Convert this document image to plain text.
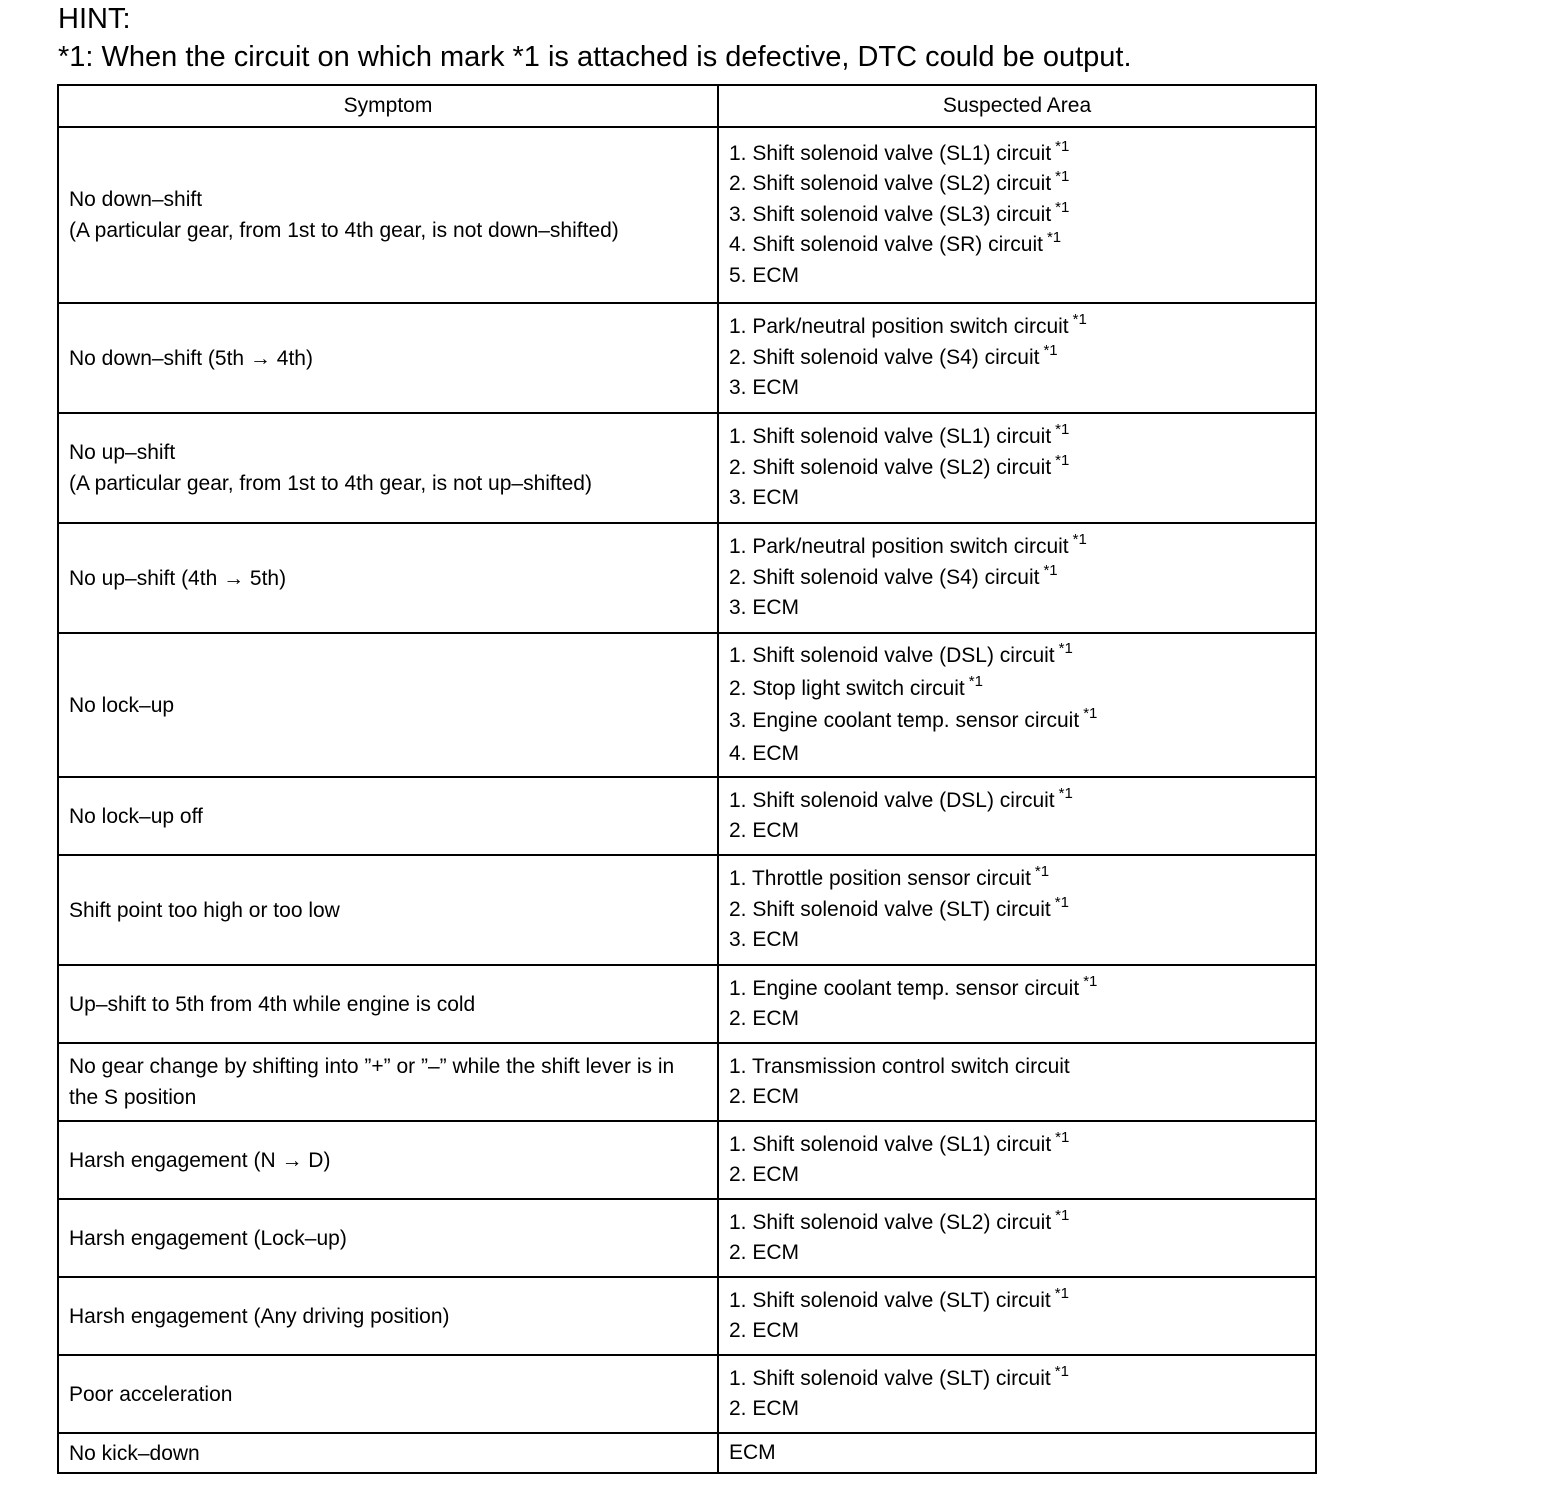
HINT:
*1: When the circuit on which mark *1 is attached is defective, DTC could be output.
Symptom	Suspected Area

No down–shift
(A particular gear, from 1st to 4th gear, is not down–shifted)	1. Shift solenoid valve (SL1) circuit $^{*1}$
2. Shift solenoid valve (SL2) circuit $^{*1}$
3. Shift solenoid valve (SL3) circuit $^{*1}$
4. Shift solenoid valve (SR) circuit $^{*1}$
5. ECM

No down–shift (5th → 4th)	1. Park/neutral position switch circuit $^{*1}$
2. Shift solenoid valve (S4) circuit $^{*1}$
3. ECM

No up–shift
(A particular gear, from 1st to 4th gear, is not up–shifted)	1. Shift solenoid valve (SL1) circuit $^{*1}$
2. Shift solenoid valve (SL2) circuit $^{*1}$
3. ECM

No up–shift (4th → 5th)	1. Park/neutral position switch circuit $^{*1}$
2. Shift solenoid valve (S4) circuit $^{*1}$
3. ECM

No lock–up	1. Shift solenoid valve (DSL) circuit $^{*1}$
2. Stop light switch circuit $^{*1}$
3. Engine coolant temp. sensor circuit $^{*1}$
4. ECM

No lock–up off	1. Shift solenoid valve (DSL) circuit $^{*1}$
2. ECM

Shift point too high or too low	1. Throttle position sensor circuit $^{*1}$
2. Shift solenoid valve (SLT) circuit $^{*1}$
3. ECM

Up–shift to 5th from 4th while engine is cold	1. Engine coolant temp. sensor circuit $^{*1}$
2. ECM

No gear change by shifting into ”+” or ”–” while the shift lever is in
the S position	1. Transmission control switch circuit
2. ECM

Harsh engagement (N → D)	1. Shift solenoid valve (SL1) circuit $^{*1}$
2. ECM

Harsh engagement (Lock–up)	1. Shift solenoid valve (SL2) circuit $^{*1}$
2. ECM

Harsh engagement (Any driving position)	1. Shift solenoid valve (SLT) circuit $^{*1}$
2. ECM

Poor acceleration	1. Shift solenoid valve (SLT) circuit $^{*1}$
2. ECM

No kick–down	ECM
